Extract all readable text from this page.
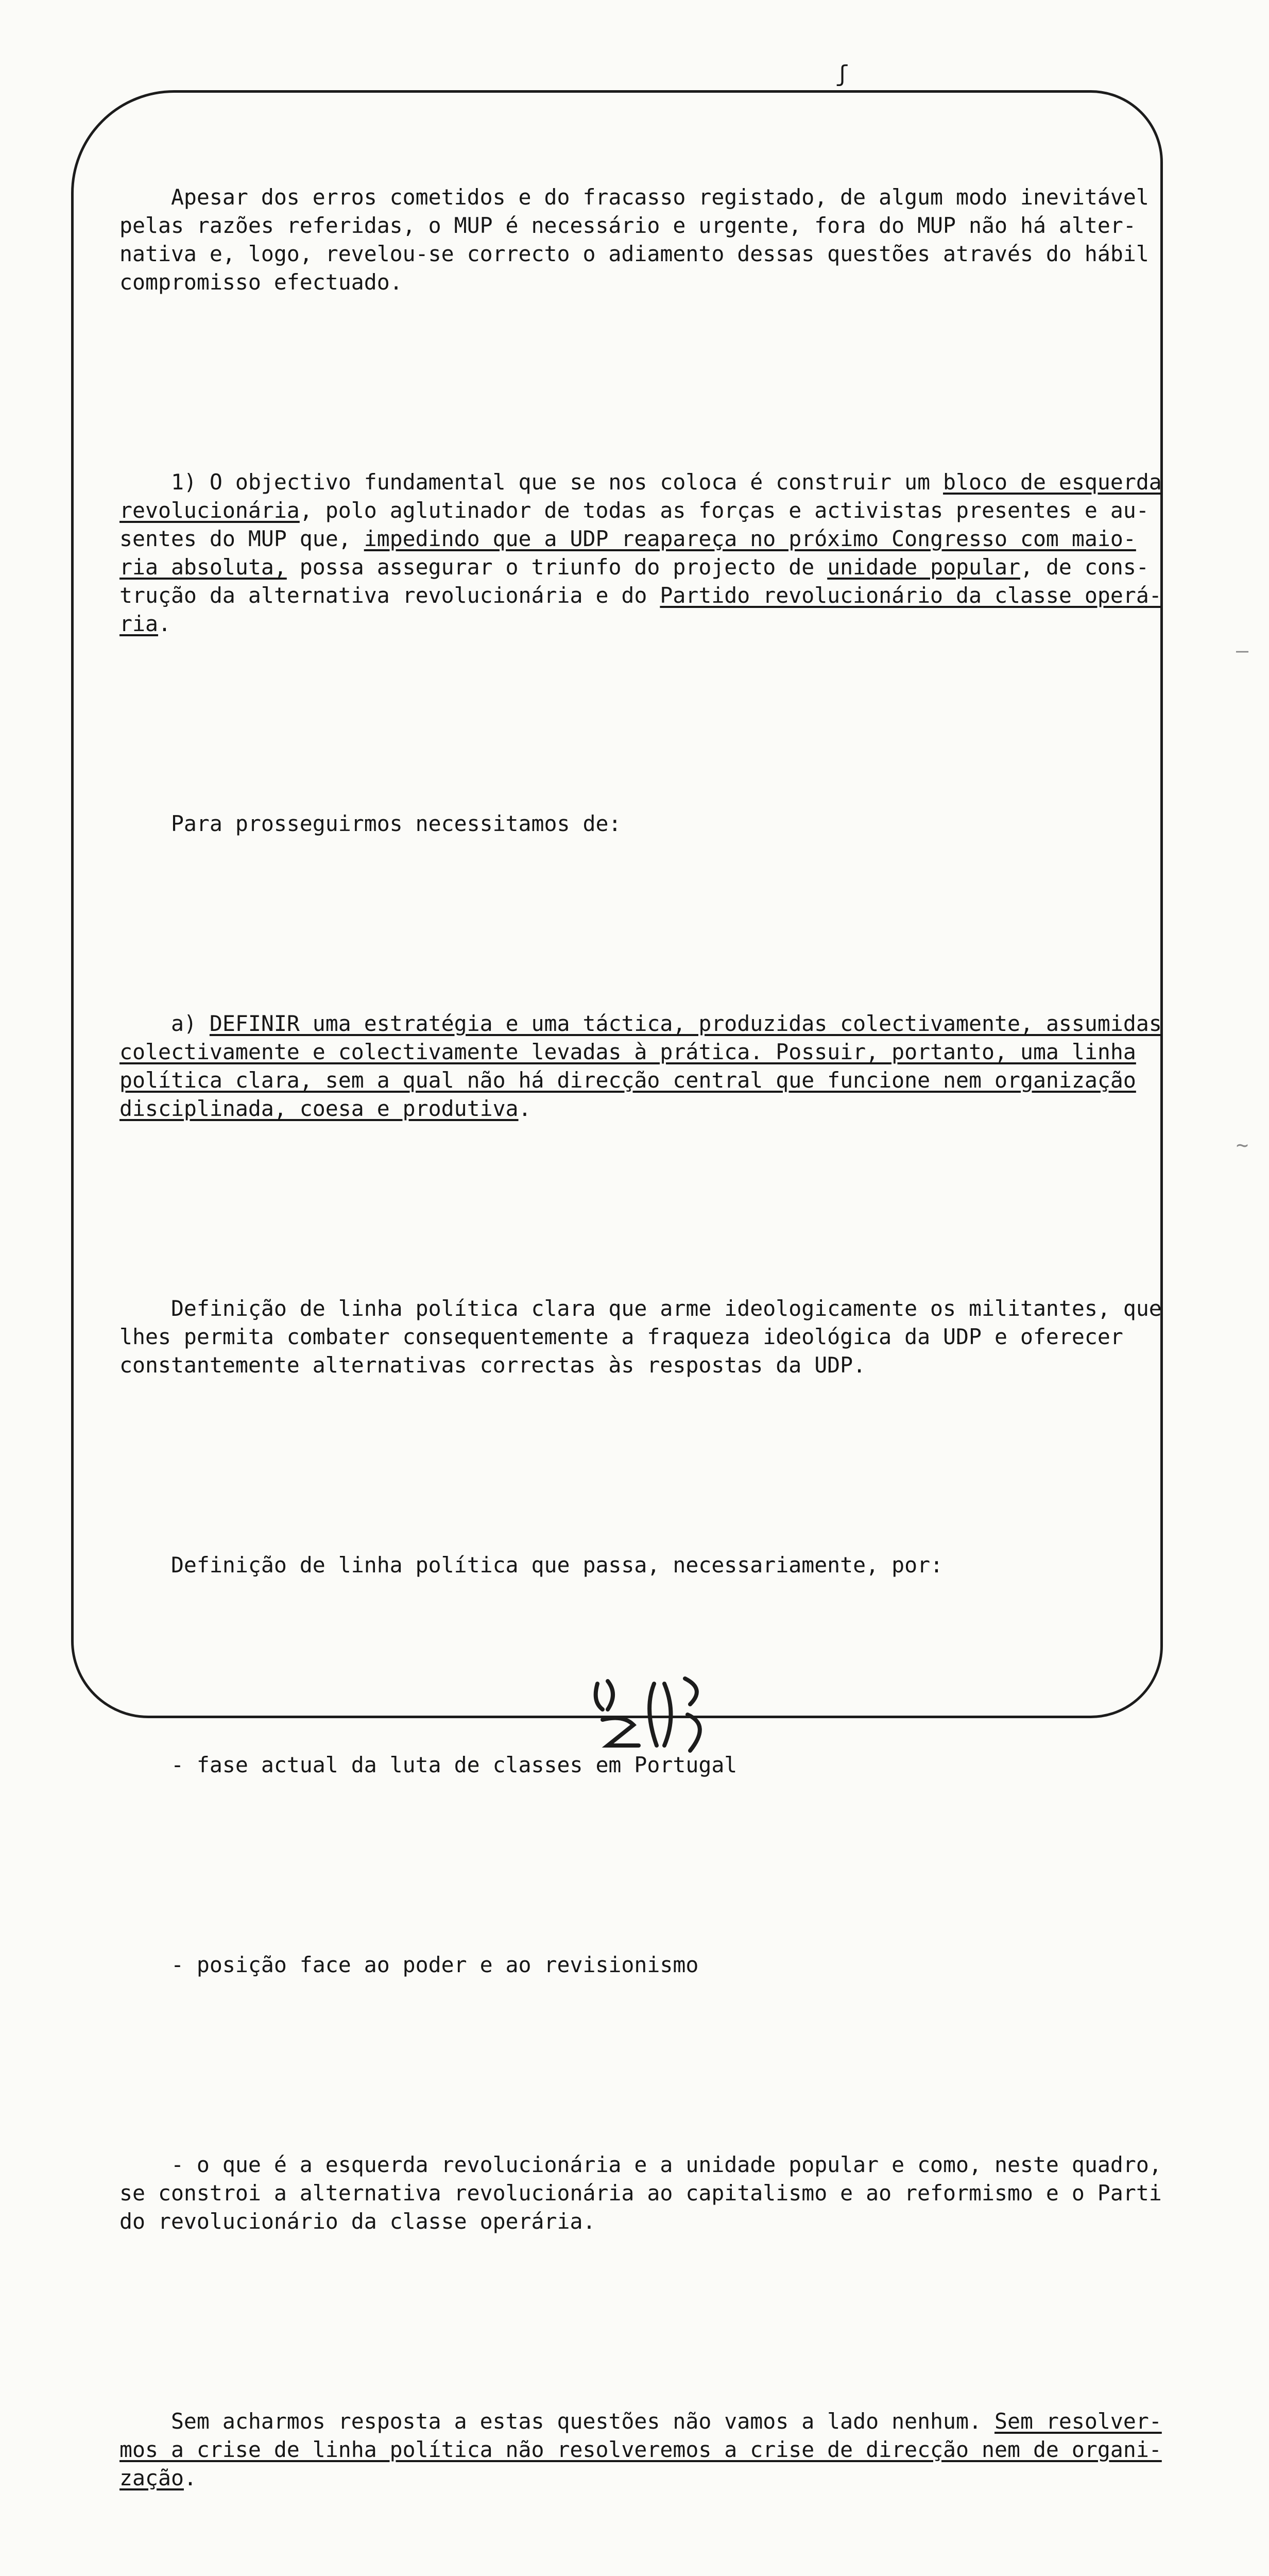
ʃ

Apesar dos erros cometidos e do fracasso registado, de algum modo inevitável
pelas razões referidas, o MUP é necessário e urgente, fora do MUP não há alter-
nativa e, logo, revelou-se correcto o adiamento dessas questões através do hábil
compromisso efectuado.

1) O objectivo fundamental que se nos coloca é construir um bloco de esquerda
revolucionária, polo aglutinador de todas as forças e activistas presentes e au-
sentes do MUP que, impedindo que a UDP reapareça no próximo Congresso com maio-
ria absoluta, possa assegurar o triunfo do projecto de unidade popular, de cons-
trução da alternativa revolucionária e do Partido revolucionário da classe operá-
ria.

Para prosseguirmos necessitamos de:

a) DEFINIR uma estratégia e uma táctica, produzidas colectivamente, assumidas
colectivamente e colectivamente levadas à prática. Possuir, portanto, uma linha
política clara, sem a qual não há direcção central que funcione nem organização
disciplinada, coesa e produtiva.

Definição de linha política clara que arme ideologicamente os militantes, que
lhes permita combater consequentemente a fraqueza ideológica da UDP e oferecer
constantemente alternativas correctas às respostas da UDP.

Definição de linha política que passa, necessariamente, por:

- fase actual da luta de classes em Portugal

- posição face ao poder e ao revisionismo

- o que é a esquerda revolucionária e a unidade popular e como, neste quadro,
se constroi a alternativa revolucionária ao capitalismo e ao reformismo e o Parti
do revolucionário da classe operária.

Sem acharmos resposta a estas questões não vamos a lado nenhum. Sem resolver-
mos a crise de linha política não resolveremos a crise de direcção nem de organi-
zação.

—
~
